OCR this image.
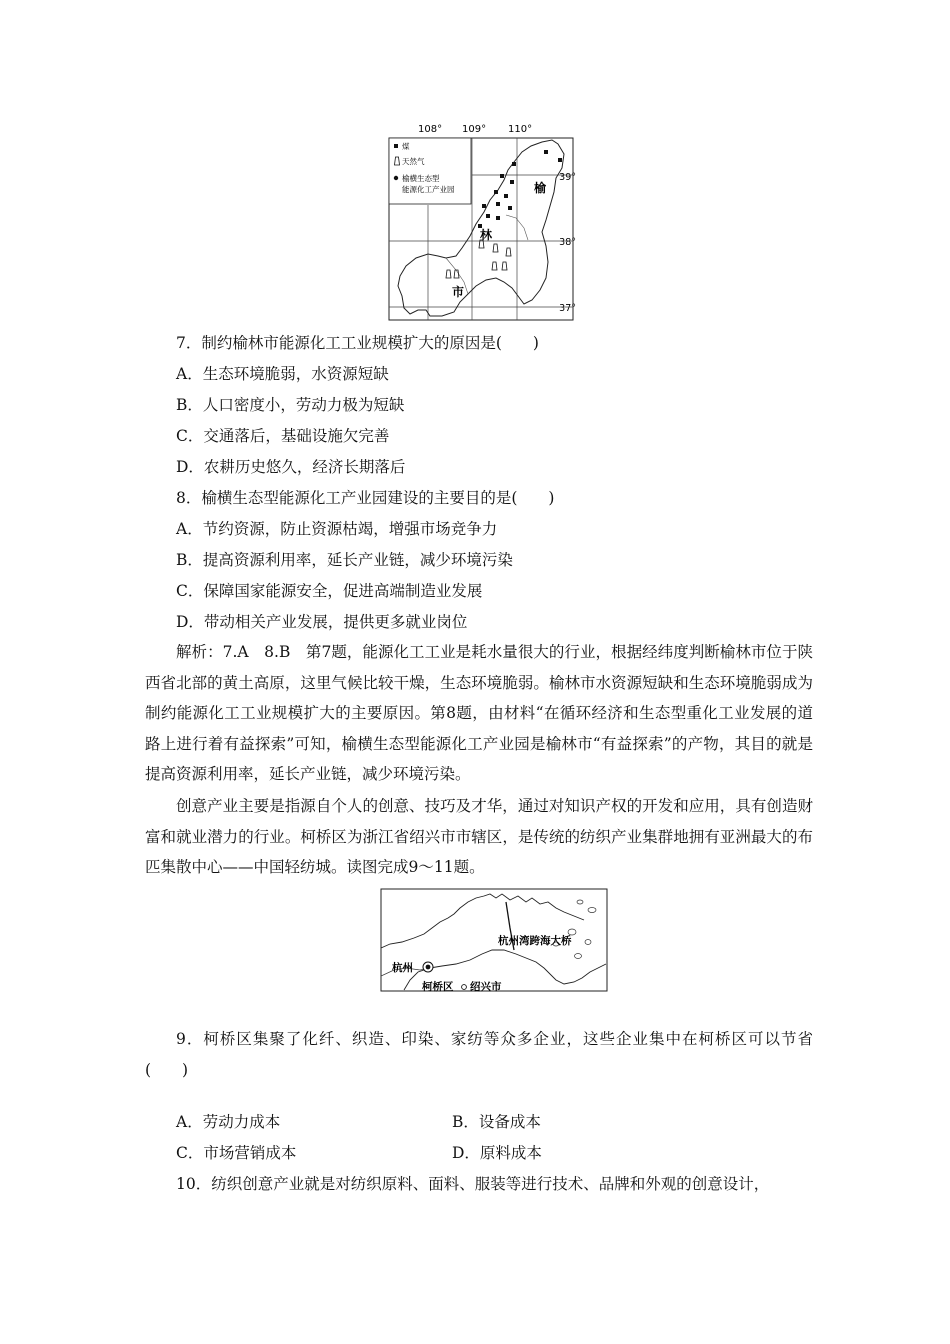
108° 109° 110°
39°
38°
37°
煤
天然气
榆横生态型
能源化工产业园	榆
林
市
7．制约榆林市能源化工工业规模扩大的原因是(　　)
A．生态环境脆弱，水资源短缺
B．人口密度小，劳动力极为短缺
C．交通落后，基础设施欠完善
D．农耕历史悠久，经济长期落后
8．榆横生态型能源化工产业园建设的主要目的是(　　)
A．节约资源，防止资源枯竭，增强市场竞争力
B．提高资源利用率，延长产业链，减少环境污染
C．保障国家能源安全，促进高端制造业发展
D．带动相关产业发展，提供更多就业岗位
解析：7.A　8.B　第7题，能源化工工业是耗水量很大的行业，根据经纬度判断榆林市位于陕西省北部的黄土高原，这里气候比较干燥，生态环境脆弱。榆林市水资源短缺和生态环境脆弱成为制约能源化工工业规模扩大的主要原因。第8题，由材料“在循环经济和生态型重化工业发展的道路上进行着有益探索”可知，榆横生态型能源化工产业园是榆林市“有益探索”的产物，其目的就是提高资源利用率，延长产业链，减少环境污染。
创意产业主要是指源自个人的创意、技巧及才华，通过对知识产权的开发和应用，具有创造财富和就业潜力的行业。柯桥区为浙江省绍兴市市辖区，是传统的纺织产业集群地拥有亚洲最大的布匹集散中心——中国轻纺城。读图完成9～11题。
杭州湾跨海大桥
杭州
柯桥区 绍兴市
9．柯桥区集聚了化纤、织造、印染、家纺等众多企业，这些企业集中在柯桥区可以节省(　　)
A．劳动力成本	B．设备成本
C．市场营销成本	D．原料成本
10．纺织创意产业就是对纺织原料、面料、服装等进行技术、品牌和外观的创意设计，
